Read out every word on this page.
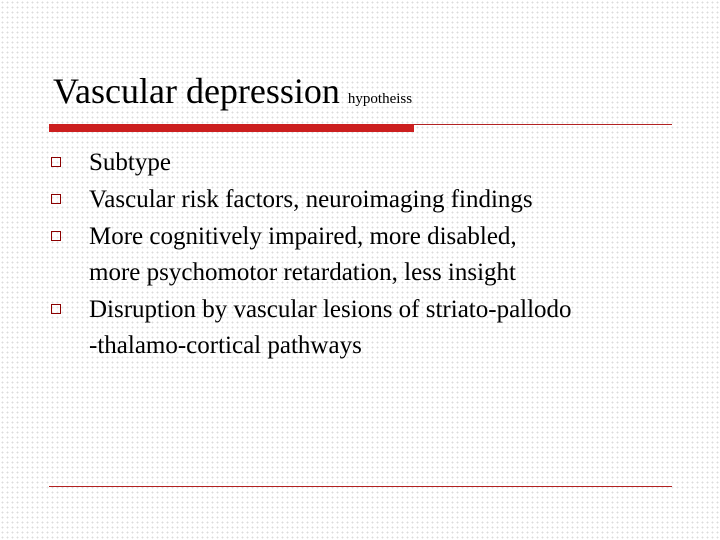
Vascular depression hypotheiss
Subtype
Vascular risk factors, neuroimaging findings
More cognitively impaired, more disabled,
more psychomotor retardation, less insight
Disruption by vascular lesions of striato-pallodo
-thalamo-cortical pathways
